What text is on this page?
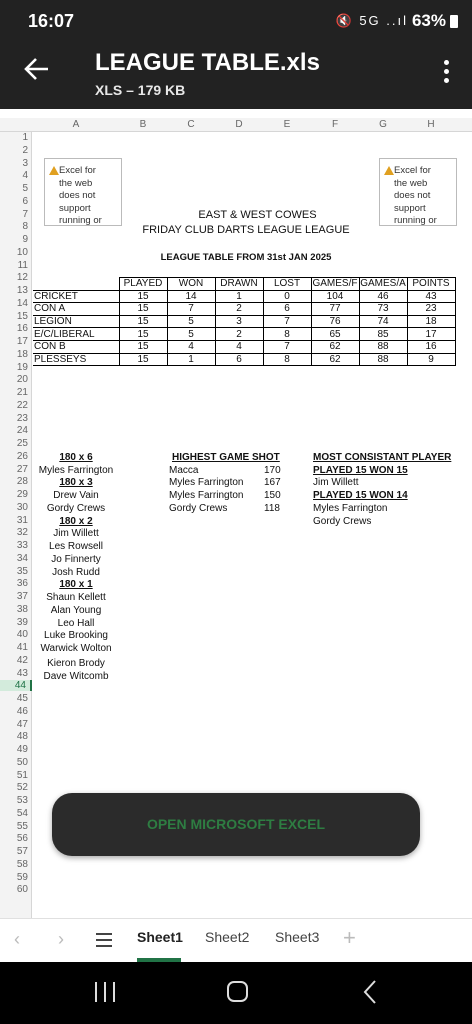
16:07	🔇 5G ..ıl 63%
LEAGUE TABLE.xls
XLS – 179 KB
A	B	C	D	E	F	G	H
1
2
3
4
5
6
7
8
9
10
11
12
13
14
15
16
17
18
19
20
21
22
23
24
25
26
27
28
29
30
31
32
33
34
35
36
37
38
39
40
41
42
43
44
45
46
47
48
49
50
51
52
53
54
55
56
57
58
59
60
Excel for
the web
does not
support
running or
Excel for
the web
does not
support
running or
EAST & WEST COWES
FRIDAY CLUB DARTS LEAGUE LEAGUE
LEAGUE TABLE FROM 31st JAN 2025
	PLAYED	WON	DRAWN	LOST	GAMES/F	GAMES/A	POINTS
CRICKET	15	14	1	0	104	46	43
CON A	15	7	2	6	77	73	23
LEGION	15	5	3	7	76	74	18
E/C/LIBERAL	15	5	2	8	65	85	17
CON B	15	4	4	7	62	88	16
PLESSEYS	15	1	6	8	62	88	9
180 x 6
Myles Farrington
180 x 3
Drew Vain
Gordy Crews
180 x 2
Jim Willett
Les Rowsell
Jo Finnerty
Josh Rudd
180 x 1
Shaun Kellett
Alan Young
Leo Hall
Luke Brooking
Warwick Wolton
Kieron Brody
Dave Witcomb
HIGHEST GAME SHOT
Macca	170
Myles Farrington 167
Myles Farrington 150
Gordy Crews	118
MOST CONSISTANT PLAYER
PLAYED 15 WON 15
Jim Willett
PLAYED 15 WON 14
Myles Farrington
Gordy Crews
OPEN MICROSOFT EXCEL
‹ ›	Sheet1 Sheet2 Sheet3 +
